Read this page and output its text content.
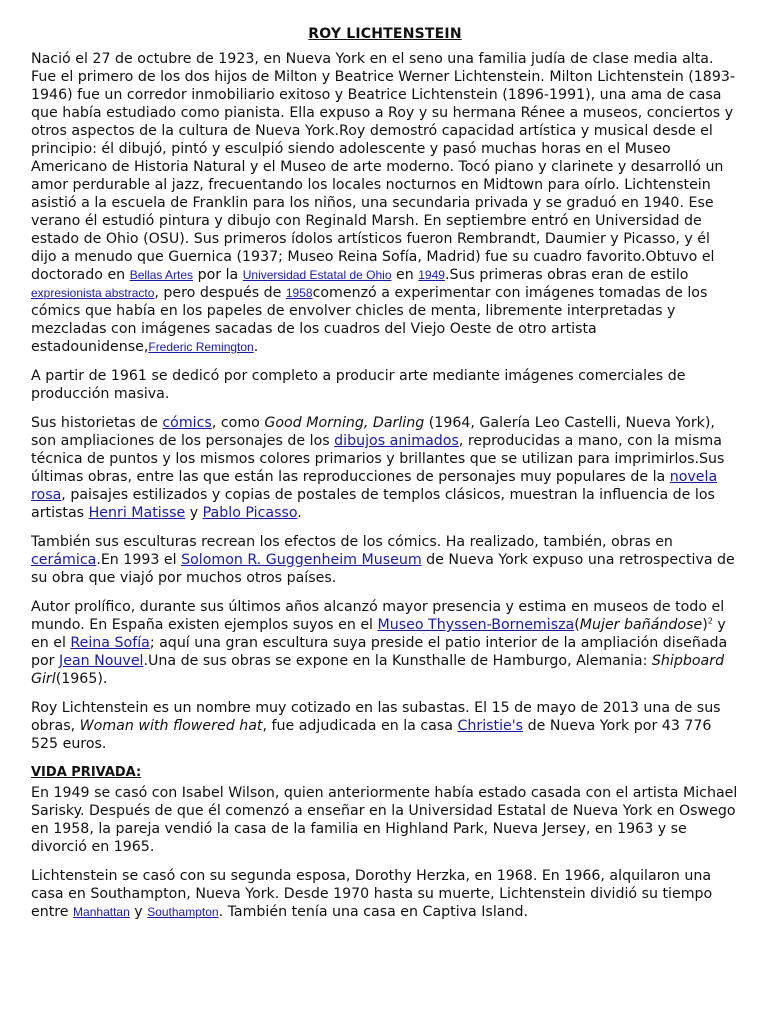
ROY LICHTENSTEIN

Nació el 27 de octubre de 1923, en Nueva York en el seno una familia judía de clase media alta. Fue el primero de los dos hijos de Milton y Beatrice Werner Lichtenstein. Milton Lichtenstein (1893-1946) fue un corredor inmobiliario exitoso y Beatrice Lichtenstein (1896-1991), una ama de casa que había estudiado como pianista. Ella expuso a Roy y su hermana Rénee a museos, conciertos y otros aspectos de la cultura de Nueva York.Roy demostró capacidad artística y musical desde el principio: él dibujó, pintó y esculpió siendo adolescente y pasó muchas horas en el Museo Americano de Historia Natural y el Museo de arte moderno. Tocó piano y clarinete y desarrolló un amor perdurable al jazz, frecuentando los locales nocturnos en Midtown para oírlo. Lichtenstein asistió a la escuela de Franklin para los niños, una secundaria privada y se graduó en 1940. Ese verano él estudió pintura y dibujo con Reginald Marsh. En septiembre entró en Universidad de estado de Ohio (OSU). Sus primeros ídolos artísticos fueron Rembrandt, Daumier y Picasso, y él dijo a menudo que Guernica (1937; Museo Reina Sofía, Madrid) fue su cuadro favorito.Obtuvo el doctorado en Bellas Artes por la Universidad Estatal de Ohio en 1949.Sus primeras obras eran de estilo expresionista abstracto, pero después de 1958comenzó a experimentar con imágenes tomadas de los cómics que había en los papeles de envolver chicles de menta, libremente interpretadas y mezcladas con imágenes sacadas de los cuadros del Viejo Oeste de otro artista estadounidense,Frederic Remington.

A partir de 1961 se dedicó por completo a producir arte mediante imágenes comerciales de producción masiva.

Sus historietas de cómics, como Good Morning, Darling (1964, Galería Leo Castelli, Nueva York), son ampliaciones de los personajes de los dibujos animados, reproducidas a mano, con la misma técnica de puntos y los mismos colores primarios y brillantes que se utilizan para imprimirlos.Sus últimas obras, entre las que están las reproducciones de personajes muy populares de la novela rosa, paisajes estilizados y copias de postales de templos clásicos, muestran la influencia de los artistas Henri Matisse y Pablo Picasso.

También sus esculturas recrean los efectos de los cómics. Ha realizado, también, obras en cerámica.En 1993 el Solomon R. Guggenheim Museum de Nueva York expuso una retrospectiva de su obra que viajó por muchos otros países.

Autor prolífico, durante sus últimos años alcanzó mayor presencia y estima en museos de todo el mundo. En España existen ejemplos suyos en el Museo Thyssen-Bornemisza(Mujer bañándose)$^2$ y en el Reina Sofía; aquí una gran escultura suya preside el patio interior de la ampliación diseñada por Jean Nouvel.Una de sus obras se expone en la Kunsthalle de Hamburgo, Alemania: Shipboard Girl(1965).

Roy Lichtenstein es un nombre muy cotizado en las subastas. El 15 de mayo de 2013 una de sus obras, Woman with flowered hat, fue adjudicada en la casa Christie's de Nueva York por 43 776 525 euros.

VIDA PRIVADA:

En 1949 se casó con Isabel Wilson, quien anteriormente había estado casada con el artista Michael Sarisky. Después de que él comenzó a enseñar en la Universidad Estatal de Nueva York en Oswego en 1958, la pareja vendió la casa de la familia en Highland Park, Nueva Jersey, en 1963 y se divorció en 1965.

Lichtenstein se casó con su segunda esposa, Dorothy Herzka, en 1968. En 1966, alquilaron una casa en Southampton, Nueva York. Desde 1970 hasta su muerte, Lichtenstein dividió su tiempo entre Manhattan y Southampton. También tenía una casa en Captiva Island.
